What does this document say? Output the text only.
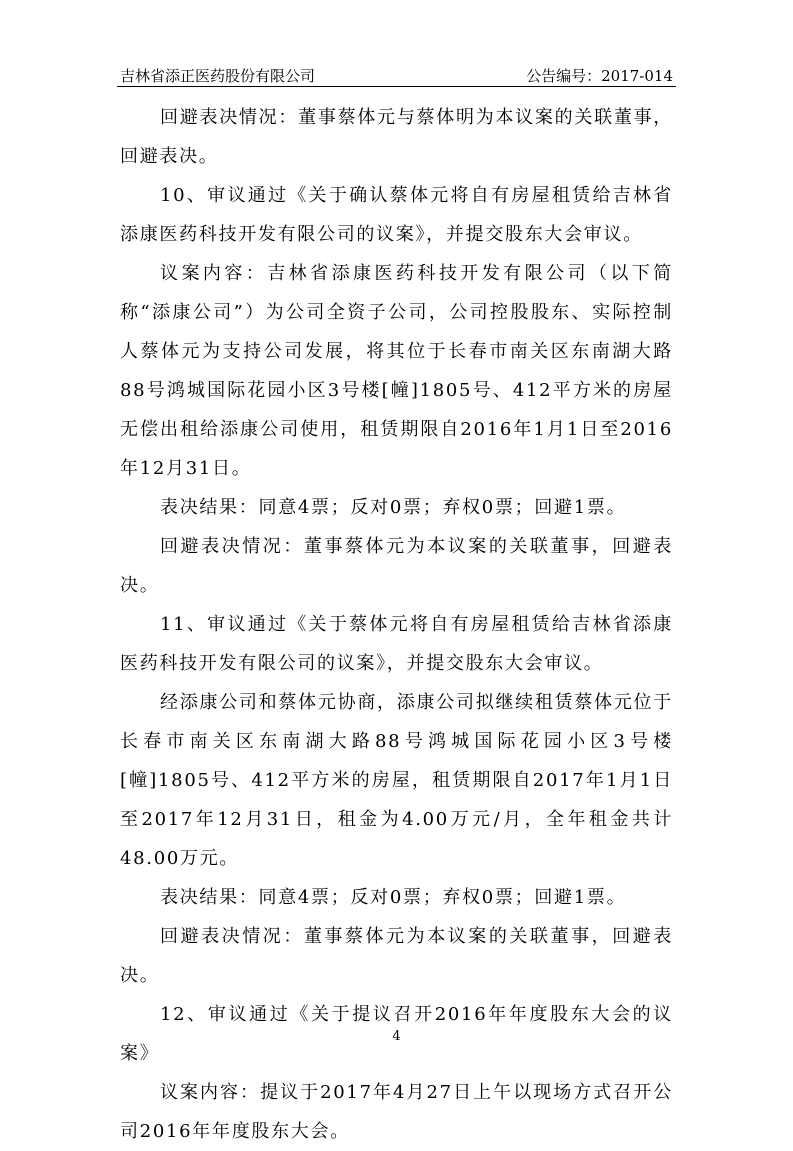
吉林省添正医药股份有限公司	公告编号：2017-014

回避表决情况：董事蔡体元与蔡体明为本议案的关联董事，回避表决。

10、审议通过《关于确认蔡体元将自有房屋租赁给吉林省添康医药科技开发有限公司的议案》，并提交股东大会审议。

议案内容：吉林省添康医药科技开发有限公司（以下简称“添康公司”）为公司全资子公司，公司控股股东、实际控制人蔡体元为支持公司发展，将其位于长春市南关区东南湖大路88号鸿城国际花园小区3号楼[幢]1805号、412平方米的房屋无偿出租给添康公司使用，租赁期限自2016年1月1日至2016年12月31日。

表决结果：同意4票；反对0票；弃权0票；回避1票。

回避表决情况：董事蔡体元为本议案的关联董事，回避表决。

11、审议通过《关于蔡体元将自有房屋租赁给吉林省添康医药科技开发有限公司的议案》，并提交股东大会审议。

经添康公司和蔡体元协商，添康公司拟继续租赁蔡体元位于长春市南关区东南湖大路88号鸿城国际花园小区3号楼[幢]1805号、412平方米的房屋，租赁期限自2017年1月1日至2017年12月31日，租金为4.00万元/月，全年租金共计48.00万元。

表决结果：同意4票；反对0票；弃权0票；回避1票。

回避表决情况：董事蔡体元为本议案的关联董事，回避表决。

12、审议通过《关于提议召开2016年年度股东大会的议案》

议案内容：提议于2017年4月27日上午以现场方式召开公司2016年年度股东大会。

4
